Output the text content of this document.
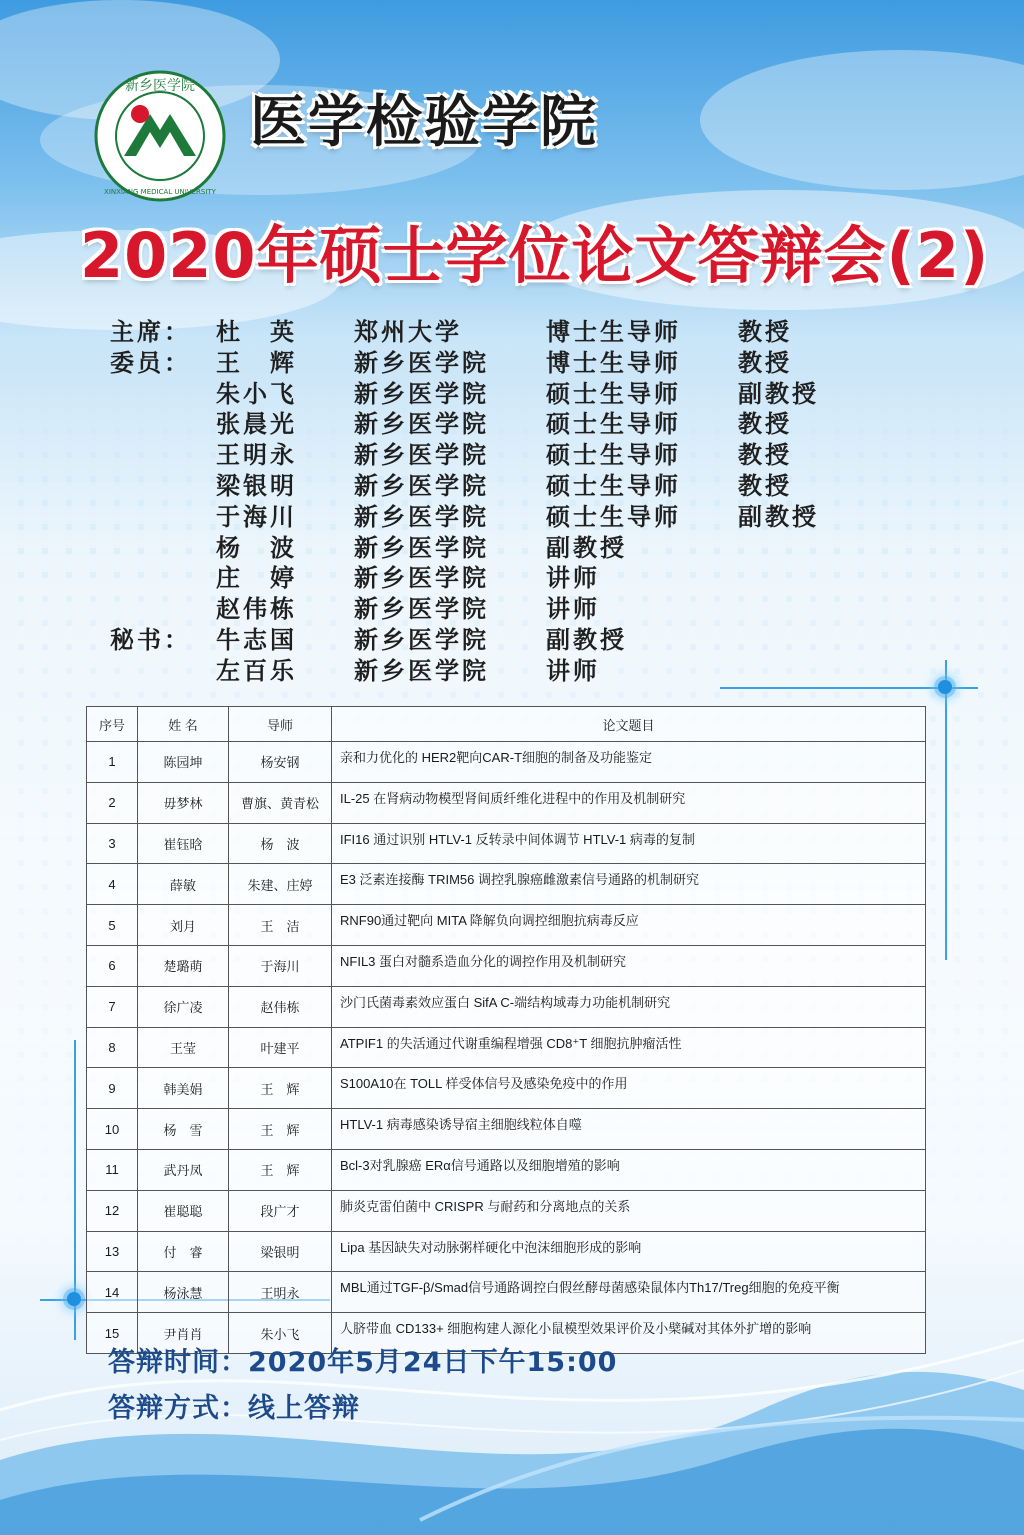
新乡医学院
XINXIANG MEDICAL UNIVERSITY
医学检验学院
2020年硕士学位论文答辩会(2)
主席： 杜　英 郑州大学	博士生导师 教授
委员： 王　辉 新乡医学院 博士生导师 教授
朱小飞 新乡医学院 硕士生导师 副教授
张晨光 新乡医学院 硕士生导师 教授
王明永 新乡医学院 硕士生导师 教授
梁银明 新乡医学院 硕士生导师 教授
于海川 新乡医学院 硕士生导师 副教授
杨　波 新乡医学院 副教授
庄　婷 新乡医学院 讲师
赵伟栋 新乡医学院 讲师
秘书： 牛志国 新乡医学院 副教授
左百乐 新乡医学院 讲师
序号	姓 名	导师	论文题目
1	陈园坤	杨安钢	亲和力优化的 HER2靶向CAR-T细胞的制备及功能鉴定
2	毋梦林	曹旗、黄青松	IL-25 在肾病动物模型肾间质纤维化进程中的作用及机制研究
3	崔钰晗	杨　波	IFI16 通过识别 HTLV-1 反转录中间体调节 HTLV-1 病毒的复制
4	薛敏	朱建、庄婷	E3 泛素连接酶 TRIM56 调控乳腺癌雌激素信号通路的机制研究
5	刘月	王　洁	RNF90通过靶向 MITA 降解负向调控细胞抗病毒反应
6	楚璐萌	于海川	NFIL3 蛋白对髓系造血分化的调控作用及机制研究
7	徐广凌	赵伟栋	沙门氏菌毒素效应蛋白 SifA C-端结构域毒力功能机制研究
8	王莹	叶建平	ATPIF1 的失活通过代谢重编程增强 CD8⁺T 细胞抗肿瘤活性
9	韩美娟	王　辉	S100A10在 TOLL 样受体信号及感染免疫中的作用
10	杨　雪	王　辉	HTLV-1 病毒感染诱导宿主细胞线粒体自噬
11	武丹凤	王　辉	Bcl-3对乳腺癌 ERα信号通路以及细胞增殖的影响
12	崔聪聪	段广才	肺炎克雷伯菌中 CRISPR 与耐药和分离地点的关系
13	付　睿	梁银明	Lipa 基因缺失对动脉粥样硬化中泡沫细胞形成的影响
14	杨泳慧	王明永	MBL通过TGF-β/Smad信号通路调控白假丝酵母菌感染鼠体内Th17/Treg细胞的免疫平衡
15	尹肖肖	朱小飞	人脐带血 CD133+ 细胞构建人源化小鼠模型效果评价及小檗碱对其体外扩增的影响
答辩时间：2020年5月24日下午15:00
答辩方式：线上答辩
